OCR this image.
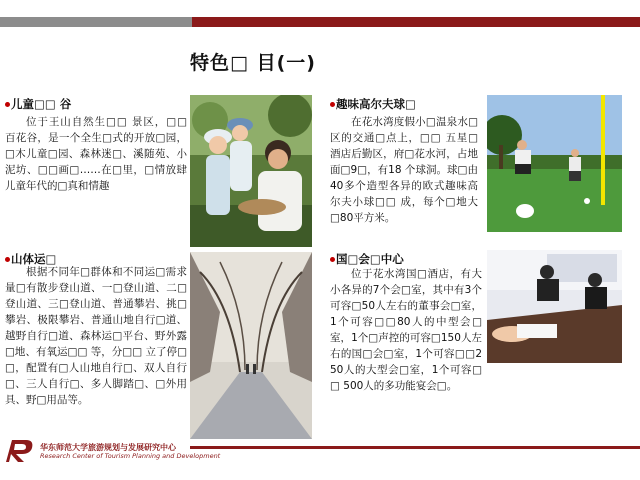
特色□ 目(一)
儿童□□ 谷
位于王山自然生□□ 景区，□□ 百花谷，是一个全生□式的开放□园，□木儿童□园、森林迷□、溪随苑、小泥坊、□□画□……在□里，□情放肆儿童年代的□真和情趣
趣味高尔夫球□
在花水湾度假小□温泉水□区的交通□点上，□□ 五星□酒店后勤区，府□花水河，占地面□9□，有18 个球洞。球□由40多个造型各异的欧式趣味高尔夫小球□□ 成，每个□地大□80平方米。
山体运□
根据不同年□群体和不同运□需求量□有散步登山道、一□登山道、二□登山道、三□登山道、普通攀岩、挑□攀岩、极限攀岩、普通山地自行□道、越野自行□道、森林运□平台、野外露□地、有氧运□□ 等，分□□ 立了停□□，配置有□人山地自行□、双人自行□、三人自行□、多人脚踏□、□外用具、野□用品等。
国□会□中心
位于花水湾国□酒店，有大小各异的7个会□室，其中有3个可容□50人左右的董事会□室，1个可容□□80人的中型会□室，1个□声控的可容□150人左右的国□会□室，1个可容□□250人的大型会□室，1个可容□□ 500人的多功能宴会□。
华东师范大学旅游规划与发展研究中心
Research Center of Tourism Planning and Development
